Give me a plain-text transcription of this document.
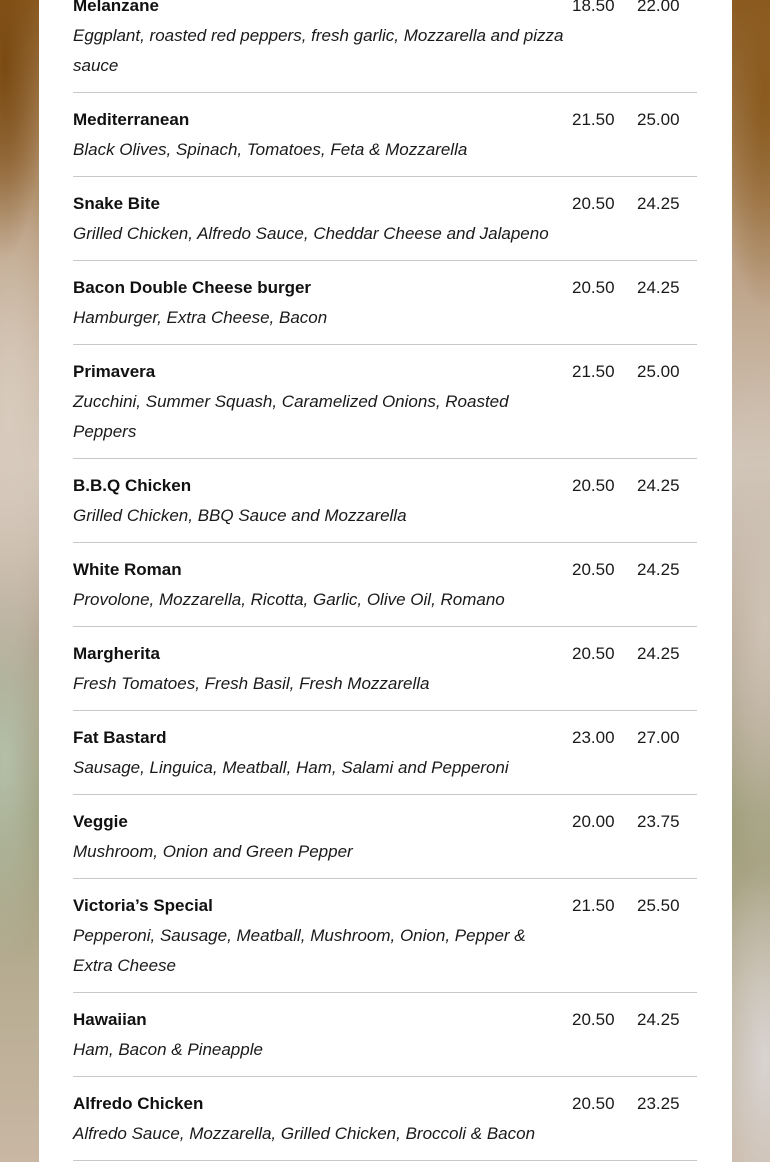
Melanzane
Eggplant, roasted red peppers, fresh garlic, Mozzarella and pizza sauce
18.50 22.00
Mediterranean
Black Olives, Spinach, Tomatoes, Feta & Mozzarella
21.50 25.00
Snake Bite
Grilled Chicken, Alfredo Sauce, Cheddar Cheese and Jalapeno
20.50 24.25
Bacon Double Cheese burger
Hamburger, Extra Cheese, Bacon
20.50 24.25
Primavera
Zucchini, Summer Squash, Caramelized Onions, Roasted Peppers
21.50 25.00
B.B.Q Chicken
Grilled Chicken, BBQ Sauce and Mozzarella
20.50 24.25
White Roman
Provolone, Mozzarella, Ricotta, Garlic, Olive Oil, Romano
20.50 24.25
Margherita
Fresh Tomatoes, Fresh Basil, Fresh Mozzarella
20.50 24.25
Fat Bastard
Sausage, Linguica, Meatball, Ham, Salami and Pepperoni
23.00 27.00
Veggie
Mushroom, Onion and Green Pepper
20.00 23.75
Victoria’s Special
Pepperoni, Sausage, Meatball, Mushroom, Onion, Pepper & Extra Cheese
21.50 25.50
Hawaiian
Ham, Bacon & Pineapple
20.50 24.25
Alfredo Chicken
Alfredo Sauce, Mozzarella, Grilled Chicken, Broccoli & Bacon
20.50 23.25
